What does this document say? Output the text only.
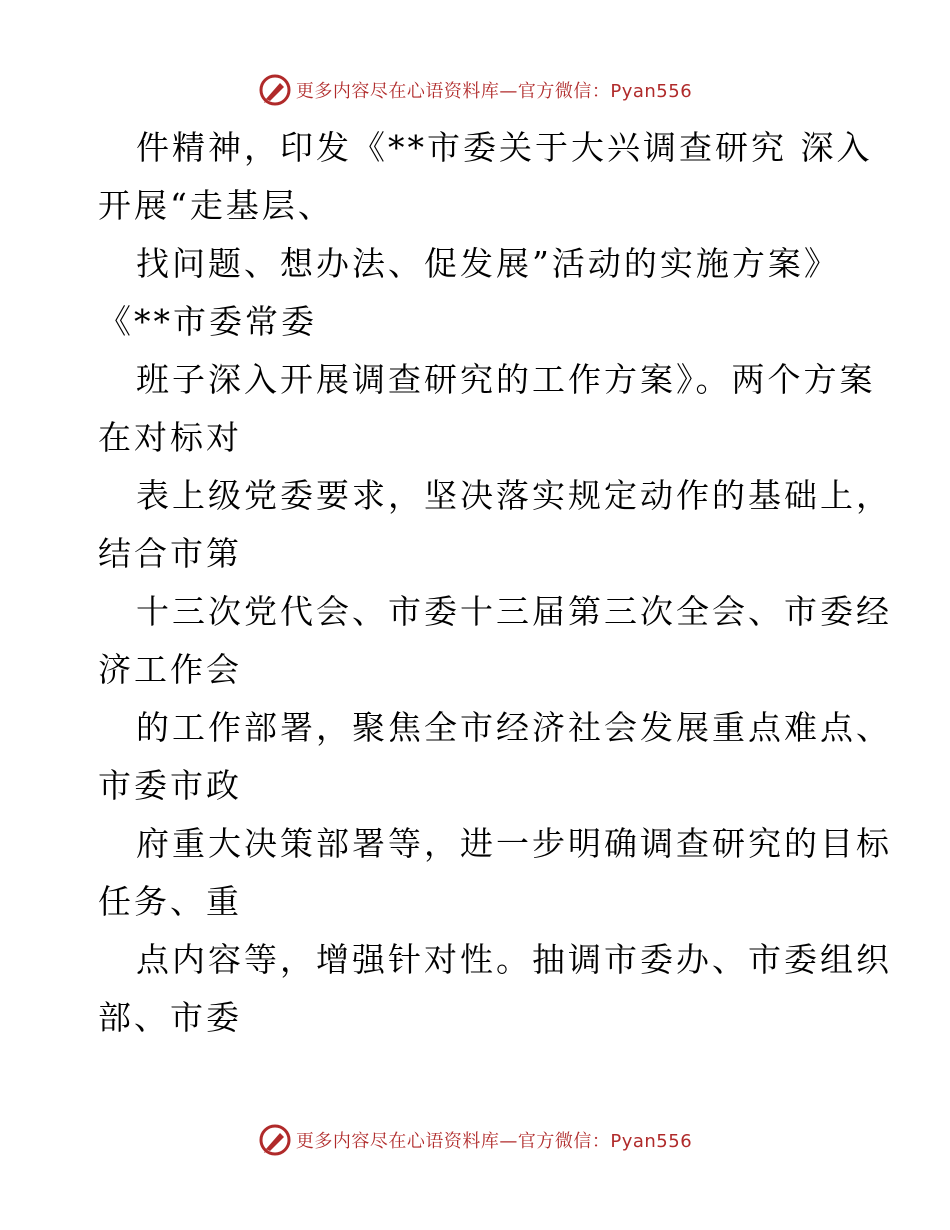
更多内容尽在心语资料库—官方微信：Pyan556
件精神，印发《**市委关于大兴调查研究 深入
开展“走基层、
找问题、想办法、促发展”活动的实施方案》
《**市委常委
班子深入开展调查研究的工作方案》。两个方案
在对标对
表上级党委要求，坚决落实规定动作的基础上，
结合市第
十三次党代会、市委十三届第三次全会、市委经
济工作会
的工作部署，聚焦全市经济社会发展重点难点、
市委市政
府重大决策部署等，进一步明确调查研究的目标
任务、重
点内容等，增强针对性。抽调市委办、市委组织
部、市委
更多内容尽在心语资料库—官方微信：Pyan556
